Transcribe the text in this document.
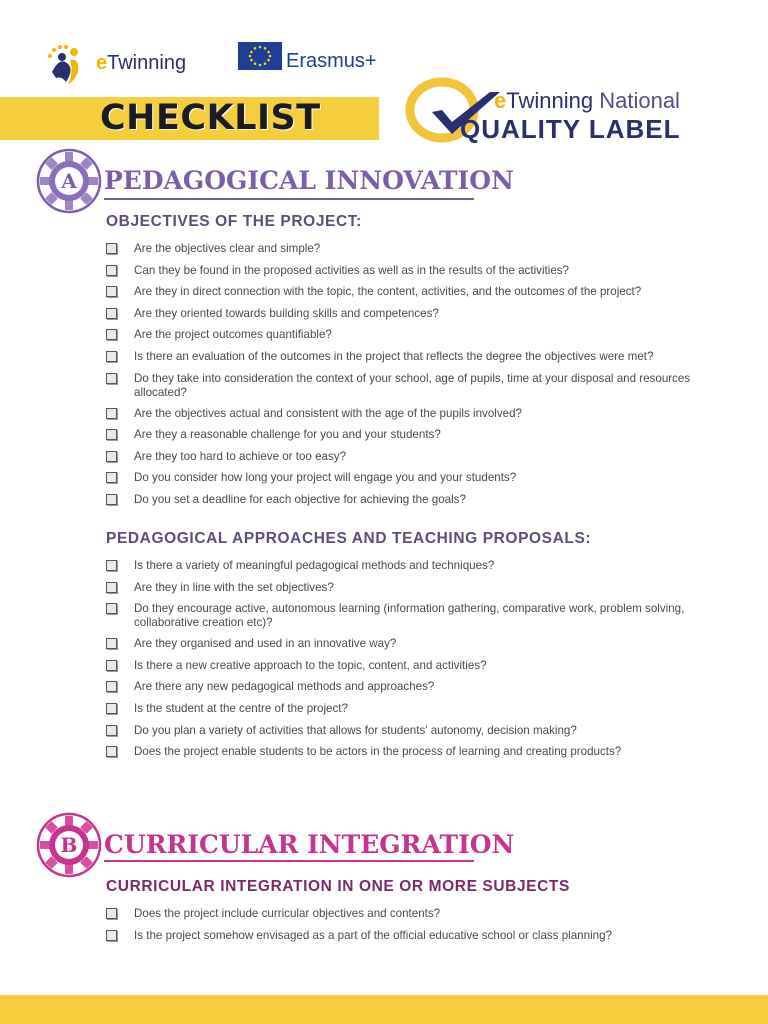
eTwinning	Erasmus+
CHECKLIST	eTwinning National
QUALITY LABEL
A PEDAGOGICAL INNOVATION
OBJECTIVES OF THE PROJECT:
Are the objectives clear and simple?
Can they be found in the proposed activities as well as in the results of the activities?
Are they in direct connection with the topic, the content, activities, and the outcomes of the project?
Are they oriented towards building skills and competences?
Are the project outcomes quantifiable?
Is there an evaluation of the outcomes in the project that reflects the degree the objectives were met?
Do they take into consideration the context of your school, age of pupils, time at your disposal and resources allocated?
Are the objectives actual and consistent with the age of the pupils involved?
Are they a reasonable challenge for you and your students?
Are they too hard to achieve or too easy?
Do you consider how long your project will engage you and your students?
Do you set a deadline for each objective for achieving the goals?
PEDAGOGICAL APPROACHES AND TEACHING PROPOSALS:
Is there a variety of meaningful pedagogical methods and techniques?
Are they in line with the set objectives?
Do they encourage active, autonomous learning (information gathering, comparative work, problem solving, collaborative creation etc)?
Are they organised and used in an innovative way?
Is there a new creative approach to the topic, content, and activities?
Are there any new pedagogical methods and approaches?
Is the student at the centre of the project?
Do you plan a variety of activities that allows for students' autonomy, decision making?
Does the project enable students to be actors in the process of learning and creating products?
B CURRICULAR INTEGRATION
CURRICULAR INTEGRATION IN ONE OR MORE SUBJECTS
Does the project include curricular objectives and contents?
Is the project somehow envisaged as a part of the official educative school or class planning?
